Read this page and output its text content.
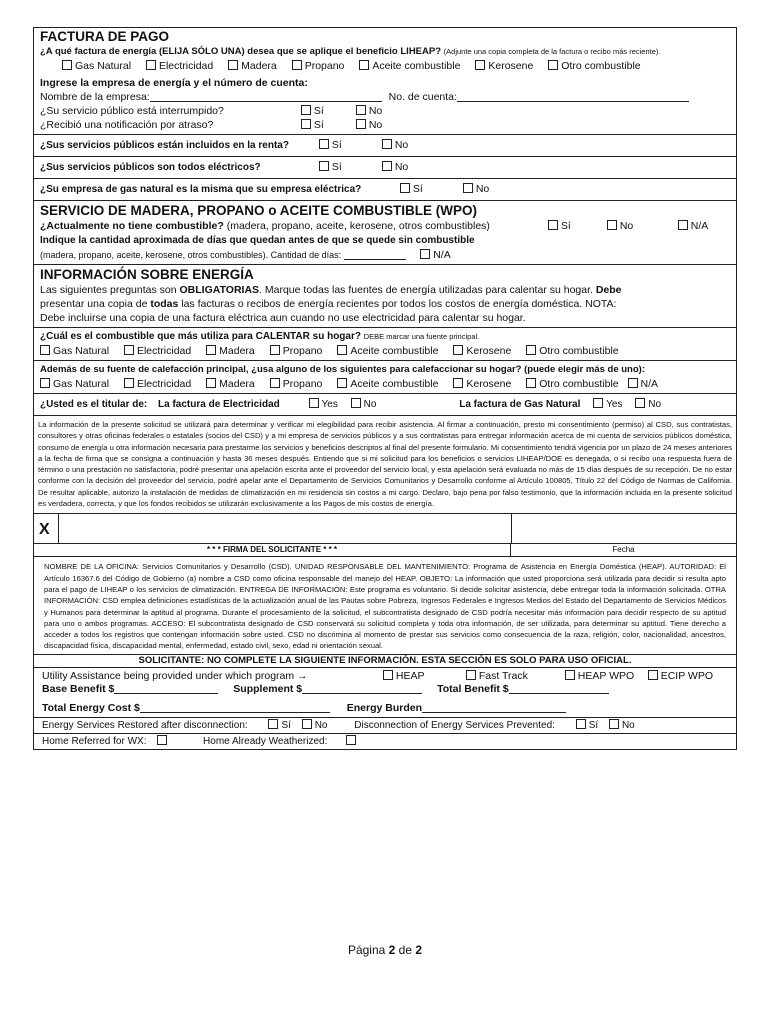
FACTURA DE PAGO
¿A qué factura de energía (ELIJA SÓLO UNA) desea que se aplique el beneficio LIHEAP? (Adjunte una copia completa de la factura o recibo más reciente).
Gas Natural	Electricidad	Madera	Propano	Aceite combustible	Kerosene	Otro combustible
Ingrese la empresa de energía y el número de cuenta:
Nombre de la empresa:	No. de cuenta:
¿Su servicio público está interrumpido?	Sí	No
¿Recibió una notificación por atraso?	Sí	No
¿Sus servicios públicos están incluidos en la renta?	Sí	No
¿Sus servicios públicos son todos eléctricos?	Sí	No
¿Su empresa de gas natural es la misma que su empresa eléctrica?	Sí	No
SERVICIO DE MADERA, PROPANO o ACEITE COMBUSTIBLE (WPO)
¿Actualmente no tiene combustible? (madera, propano, aceite, kerosene, otros combustibles)	Sí	No	N/A
Indique la cantidad aproximada de días que quedan antes de que se quede sin combustible
(madera, propano, aceite, kerosene, otros combustibles). Cantidad de días:	N/A
INFORMACIÓN SOBRE ENERGÍA
Las siguientes preguntas son OBLIGATORIAS. Marque todas las fuentes de energía utilizadas para calentar su hogar. Debe
presentar una copia de todas las facturas o recibos de energía recientes por todos los costos de energía doméstica. NOTA:
Debe incluirse una copia de una factura eléctrica aun cuando no use electricidad para calentar su hogar.
¿Cuál es el combustible que más utiliza para CALENTAR su hogar? DEBE marcar una fuente principal.
Gas Natural	Electricidad	Madera	Propano	Aceite combustible	Kerosene	Otro combustible
Además de su fuente de calefacción principal, ¿usa alguno de los siguientes para calefaccionar su hogar? (puede elegir más de uno):
Gas Natural	Electricidad	Madera	Propano	Aceite combustible	Kerosene	Otro combustible N/A
¿Usted es el titular de: La factura de Electricidad	Yes	No	La factura de Gas Natural	Yes	No
La información de la presente solicitud se utilizará para determinar y verificar mi elegibilidad para recibir asistencia. Al firmar a continuación, presto mi consentimiento (permiso) al CSD, sus contratistas, consultores y otras oficinas federales o estatales (socios del CSD) y a mi empresa de servicios públicos y a sus contratistas para entregar información acerca de mi cuenta de servicios públicos doméstica, consumo de energía u otra información necesaria para prestarme los servicios y beneficios descriptos al final del presente formulario. Mi consentimiento tendrá vigencia por un plazo de 24 meses anteriores a la fecha de firma que se consigna a continuación y hasta 36 meses después. Entiendo que si mi solicitud para los beneficios o servicios LIHEAP/DOE es denegada, o si recibo una respuesta fuera de término o una prestación no satisfactoria, podré presentar una apelación escrita ante el proveedor del servicio local, y esta apelación será evaluada no más de 15 días después de su recepción. De no estar conforme con la decisión del proveedor del servicio, podré apelar ante el Departamento de Servicios Comunitarios y Desarrollo conforme al Artículo 100805, Título 22 del Código de Normas de California. De resultar aplicable, autorizo la instalación de medidas de climatización en mi residencia sin costos a mi cargo. Declaro, bajo pena por falso testimonio, que la información incluida en la presente solicitud es verdadera, correcta, y que los fondos recibidos se utilizarán exclusivamente a los Pagos de mis costos de energía.
X
* * * FIRMA DEL SOLICITANTE * * *	Fecha
NOMBRE DE LA OFICINA: Servicios Comunitarios y Desarrollo (CSD). UNIDAD RESPONSABLE DEL MANTENIMIENTO: Programa de Asistencia en Energía Doméstica (HEAP). AUTORIDAD: El Artículo 16367.6 del Código de Gobierno (a) nombre a CSD como oficina responsable del manejo del HEAP. OBJETO: La información que usted proporciona será utilizada para decidir si resulta apto para el pago de LIHEAP o los servicios de climatización. ENTREGA DE INFORMACIÓN: Este programa es voluntario. Si decide solicitar asistencia, debe entregar toda la información solicitada. OTRA INFORMACIÓN: CSD emplea definiciones estadísticas de la actualización anual de las Pautas sobre Pobreza, Ingresos Federales e Ingresos Medios del Estado del Departamento de Servicios Médicos y Humanos para determinar la aptitud al programa. Durante el procesamiento de la solicitud, el subcontratista designado de CSD podría necesitar más información para decidir respecto de su aptitud para uno o ambos programas. ACCESO: El subcontratista designado de CSD conservará su solicitud completa y toda otra información, de ser utilizada, para determinar su aptitud. Tiene derecho a acceder a todos los registros que contengan información sobre usted. CSD no discrimina al momento de prestar sus servicios como consecuencia de la raza, religión, color, nacionalidad, ancestros, discapacidad física, discapacidad mental, enfermedad, estado civil, sexo, edad ni orientación sexual.
SOLICITANTE: NO COMPLETE LA SIGUIENTE INFORMACIÓN. ESTA SECCIÓN ES SOLO PARA USO OFICIAL.
Utility Assistance being provided under which program →	HEAP	Fast Track	HEAP WPO	ECIP WPO
Base Benefit $	Supplement $	Total Benefit $
Total Energy Cost $	Energy Burden
Energy Services Restored after disconnection:	Sí No	Disconnection of Energy Services Prevented:	Sí No
Home Referred for WX:	Home Already Weatherized:
Página 2 de 2
